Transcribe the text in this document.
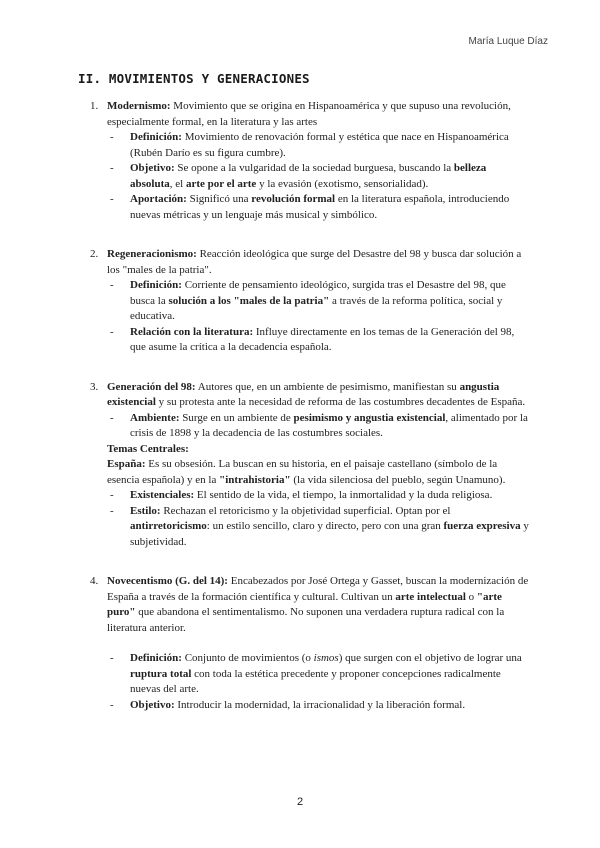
María Luque Díaz
II. MOVIMIENTOS Y GENERACIONES
1. Modernismo: Movimiento que se origina en Hispanoamérica y que supuso una revolución, especialmente formal, en la literatura y las artes
- Definición: Movimiento de renovación formal y estética que nace en Hispanoamérica (Rubén Darío es su figura cumbre).
- Objetivo: Se opone a la vulgaridad de la sociedad burguesa, buscando la belleza absoluta, el arte por el arte y la evasión (exotismo, sensorialidad).
- Aportación: Significó una revolución formal en la literatura española, introduciendo nuevas métricas y un lenguaje más musical y simbólico.
2. Regeneracionismo: Reacción ideológica que surge del Desastre del 98 y busca dar solución a los "males de la patria".
- Definición: Corriente de pensamiento ideológico, surgida tras el Desastre del 98, que busca la solución a los "males de la patria" a través de la reforma política, social y educativa.
- Relación con la literatura: Influye directamente en los temas de la Generación del 98, que asume la crítica a la decadencia española.
3. Generación del 98: Autores que, en un ambiente de pesimismo, manifiestan su angustia existencial y su protesta ante la necesidad de reforma de las costumbres decadentes de España.
- Ambiente: Surge en un ambiente de pesimismo y angustia existencial, alimentado por la crisis de 1898 y la decadencia de las costumbres sociales.
Temas Centrales:
España: Es su obsesión. La buscan en su historia, en el paisaje castellano (símbolo de la esencia española) y en la "intrahistoria" (la vida silenciosa del pueblo, según Unamuno).
- Existenciales: El sentido de la vida, el tiempo, la inmortalidad y la duda religiosa.
- Estilo: Rechazan el retoricismo y la objetividad superficial. Optan por el antirretoricismo: un estilo sencillo, claro y directo, pero con una gran fuerza expresiva y subjetividad.
4. Novecentismo (G. del 14): Encabezados por José Ortega y Gasset, buscan la modernización de España a través de la formación científica y cultural. Cultivan un arte intelectual o "arte puro" que abandona el sentimentalismo. No suponen una verdadera ruptura radical con la literatura anterior.
- Definición: Conjunto de movimientos (o ismos) que surgen con el objetivo de lograr una ruptura total con toda la estética precedente y proponer concepciones radicalmente nuevas del arte.
- Objetivo: Introducir la modernidad, la irracionalidad y la liberación formal.
2
